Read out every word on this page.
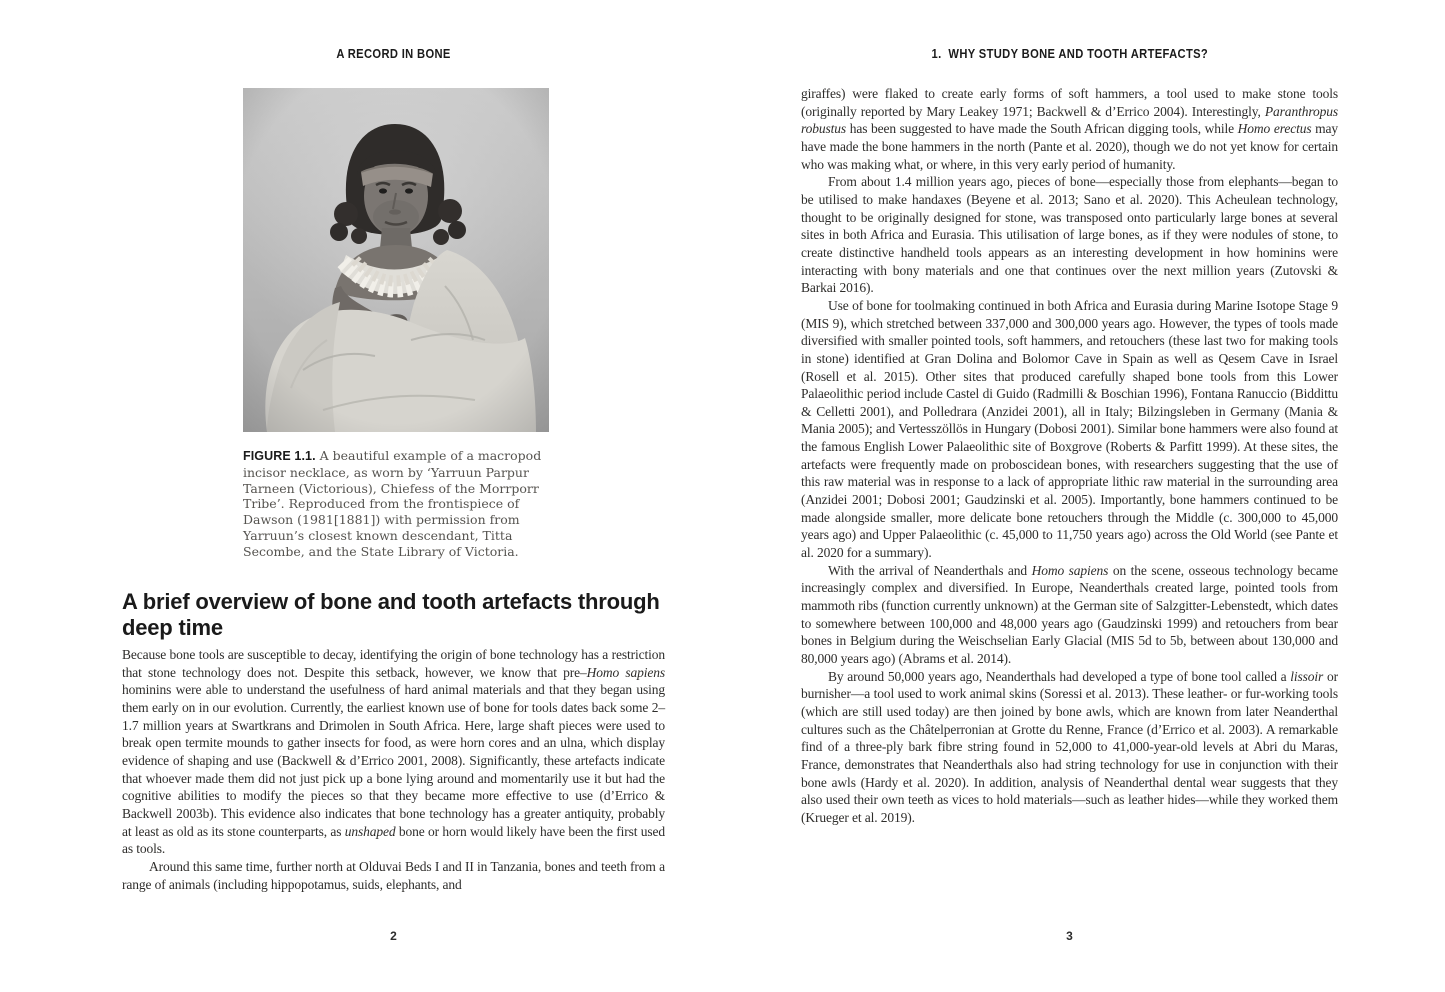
A RECORD IN BONE
FIGURE 1.1. A beautiful example of a macropod incisor necklace, as worn by ‘Yarruun Parpur Tarneen (Victorious), Chiefess of the Morrporr Tribe’. Reproduced from the frontispiece of Dawson (1981[1881]) with permission from Yarruun’s closest known descendant, Titta Secombe, and the State Library of Victoria.
A brief overview of bone and tooth artefacts through deep time

Because bone tools are susceptible to decay, identifying the origin of bone technology has a restriction that stone technology does not. Despite this setback, however, we know that pre–Homo sapiens hominins were able to understand the usefulness of hard animal materials and that they began using them early on in our evolution. Currently, the earliest known use of bone for tools dates back some 2–1.7 million years at Swartkrans and Drimolen in South Africa. Here, large shaft pieces were used to break open termite mounds to gather insects for food, as were horn cores and an ulna, which display evidence of shaping and use (Backwell & d’Errico 2001, 2008). Significantly, these artefacts indicate that whoever made them did not just pick up a bone lying around and momentarily use it but had the cognitive abilities to modify the pieces so that they became more effective to use (d’Errico & Backwell 2003b). This evidence also indicates that bone technology has a greater antiquity, probably at least as old as its stone counterparts, as unshaped bone or horn would likely have been the first used as tools.

Around this same time, further north at Olduvai Beds I and II in Tanzania, bones and teeth from a range of animals (including hippopotamus, suids, elephants, and

2
1.  WHY STUDY BONE AND TOOTH ARTEFACTS?

giraffes) were flaked to create early forms of soft hammers, a tool used to make stone tools (originally reported by Mary Leakey 1971; Backwell & d’Errico 2004). Interestingly, Paranthropus robustus has been suggested to have made the South African digging tools, while Homo erectus may have made the bone hammers in the north (Pante et al. 2020), though we do not yet know for certain who was making what, or where, in this very early period of humanity.

From about 1.4 million years ago, pieces of bone—especially those from elephants—began to be utilised to make handaxes (Beyene et al. 2013; Sano et al. 2020). This Acheulean technology, thought to be originally designed for stone, was transposed onto particularly large bones at several sites in both Africa and Eurasia. This utilisation of large bones, as if they were nodules of stone, to create distinctive handheld tools appears as an interesting development in how hominins were interacting with bony materials and one that continues over the next million years (Zutovski & Barkai 2016).

Use of bone for toolmaking continued in both Africa and Eurasia during Marine Isotope Stage 9 (MIS 9), which stretched between 337,000 and 300,000 years ago. However, the types of tools made diversified with smaller pointed tools, soft hammers, and retouchers (these last two for making tools in stone) identified at Gran Dolina and Bolomor Cave in Spain as well as Qesem Cave in Israel (Rosell et al. 2015). Other sites that produced carefully shaped bone tools from this Lower Palaeolithic period include Castel di Guido (Radmilli & Boschian 1996), Fontana Ranuccio (Biddittu & Celletti 2001), and Polledrara (Anzidei 2001), all in Italy; Bilzingsleben in Germany (Mania & Mania 2005); and Vertesszöllös in Hungary (Dobosi 2001). Similar bone hammers were also found at the famous English Lower Palaeolithic site of Boxgrove (Roberts & Parfitt 1999). At these sites, the artefacts were frequently made on proboscidean bones, with researchers suggesting that the use of this raw material was in response to a lack of appropriate lithic raw material in the surrounding area (Anzidei 2001; Dobosi 2001; Gaudzinski et al. 2005). Importantly, bone hammers continued to be made alongside smaller, more delicate bone retouchers through the Middle (c. 300,000 to 45,000 years ago) and Upper Palaeolithic (c. 45,000 to 11,750 years ago) across the Old World (see Pante et al. 2020 for a summary).

With the arrival of Neanderthals and Homo sapiens on the scene, osseous technology became increasingly complex and diversified. In Europe, Neanderthals created large, pointed tools from mammoth ribs (function currently unknown) at the German site of Salzgitter-Lebenstedt, which dates to somewhere between 100,000 and 48,000 years ago (Gaudzinski 1999) and retouchers from bear bones in Belgium during the Weischselian Early Glacial (MIS 5d to 5b, between about 130,000 and 80,000 years ago) (Abrams et al. 2014).

By around 50,000 years ago, Neanderthals had developed a type of bone tool called a lissoir or burnisher—a tool used to work animal skins (Soressi et al. 2013). These leather- or fur-working tools (which are still used today) are then joined by bone awls, which are known from later Neanderthal cultures such as the Châtelperronian at Grotte du Renne, France (d’Errico et al. 2003). A remarkable find of a three-ply bark fibre string found in 52,000 to 41,000-year-old levels at Abri du Maras, France, demonstrates that Neanderthals also had string technology for use in conjunction with their bone awls (Hardy et al. 2020). In addition, analysis of Neanderthal dental wear suggests that they also used their own teeth as vices to hold materials—such as leather hides—while they worked them (Krueger et al. 2019).

3
